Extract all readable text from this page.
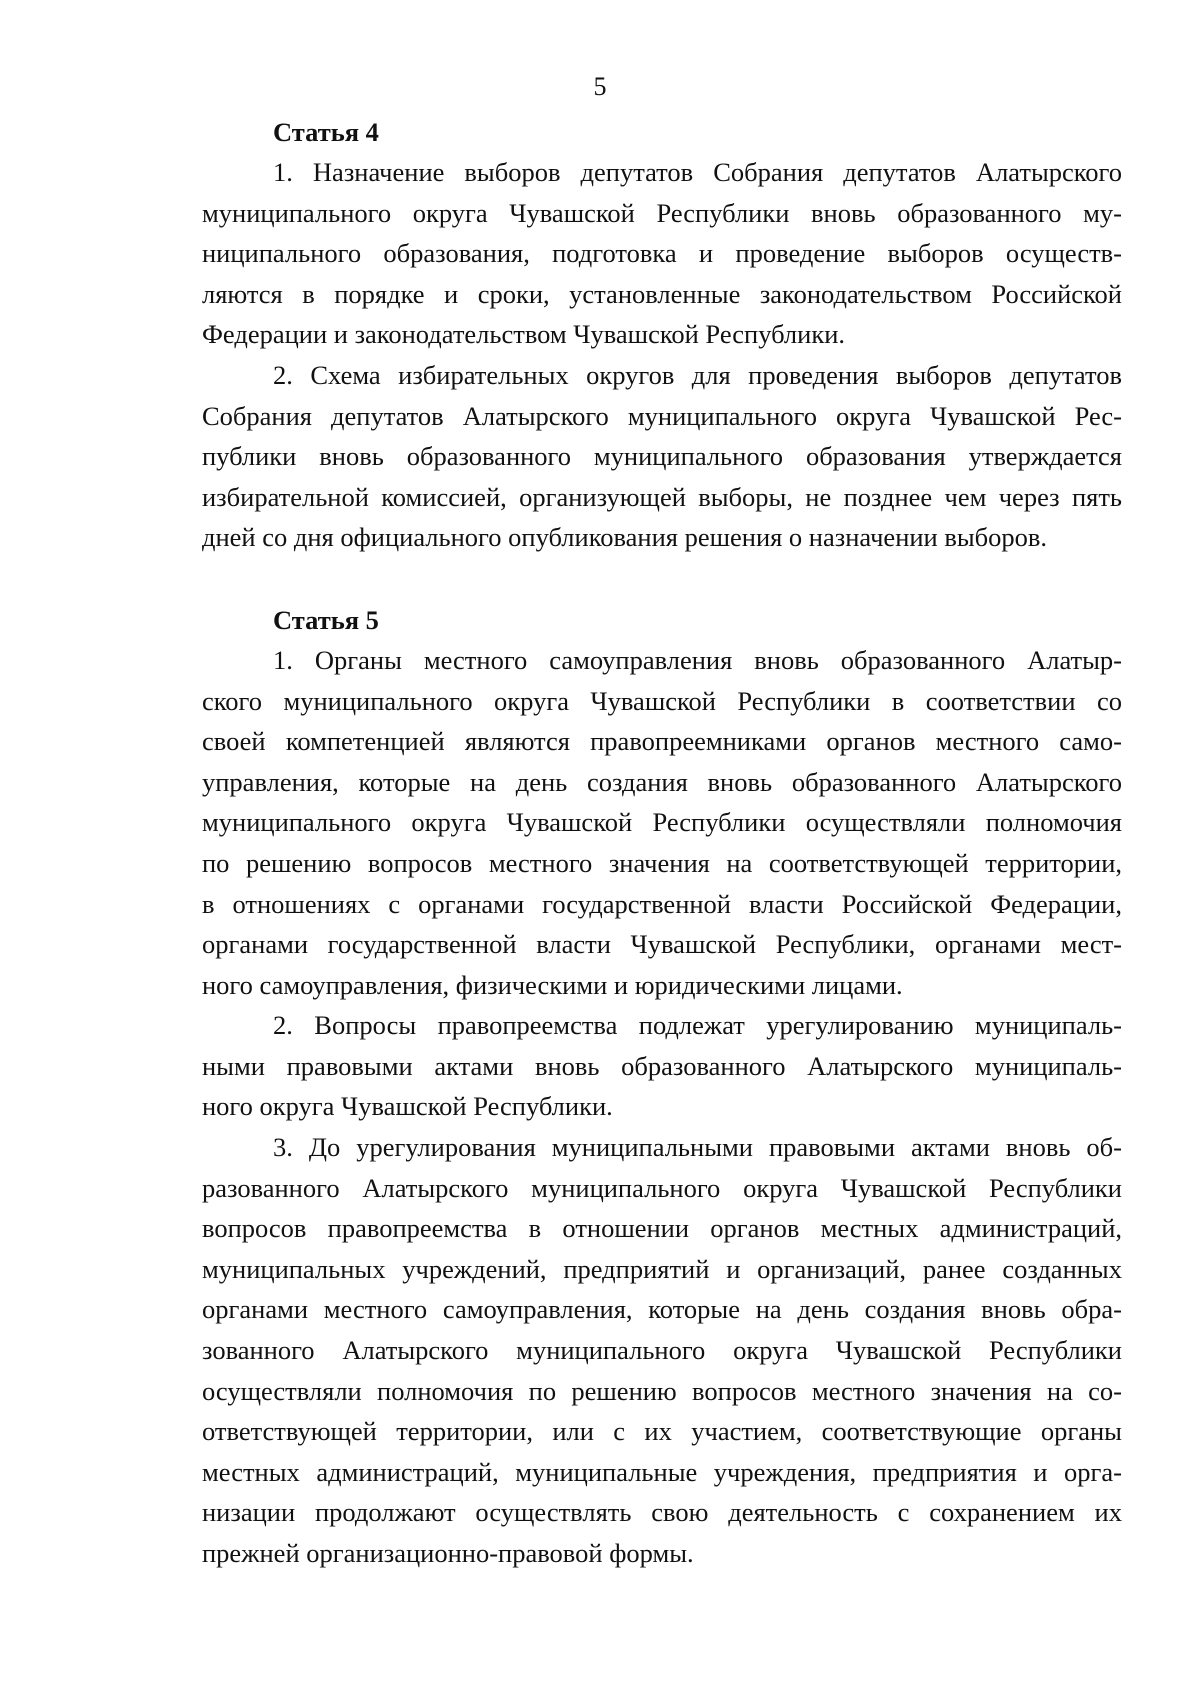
5
Статья 4
1. Назначение выборов депутатов Собрания депутатов Алатырского
муниципального округа Чувашской Республики вновь образованного му-
ниципального образования, подготовка и проведение выборов осуществ-
ляются в порядке и сроки, установленные законодательством Российской
Федерации и законодательством Чувашской Республики.
2. Схема избирательных округов для проведения выборов депутатов
Собрания депутатов Алатырского муниципального округа Чувашской Рес-
публики вновь образованного муниципального образования утверждается
избирательной комиссией, организующей выборы, не позднее чем через пять
дней со дня официального опубликования решения о назначении выборов.
Статья 5
1. Органы местного самоуправления вновь образованного Алатыр-
ского муниципального округа Чувашской Республики в соответствии со
своей компетенцией являются правопреемниками органов местного само-
управления, которые на день создания вновь образованного Алатырского
муниципального округа Чувашской Республики осуществляли полномочия
по решению вопросов местного значения на соответствующей территории,
в отношениях с органами государственной власти Российской Федерации,
органами государственной власти Чувашской Республики, органами мест-
ного самоуправления, физическими и юридическими лицами.
2. Вопросы правопреемства подлежат урегулированию муниципаль-
ными правовыми актами вновь образованного Алатырского муниципаль-
ного округа Чувашской Республики.
3. До урегулирования муниципальными правовыми актами вновь об-
разованного Алатырского муниципального округа Чувашской Республики
вопросов правопреемства в отношении органов местных администраций,
муниципальных учреждений, предприятий и организаций, ранее созданных
органами местного самоуправления, которые на день создания вновь обра-
зованного Алатырского муниципального округа Чувашской Республики
осуществляли полномочия по решению вопросов местного значения на со-
ответствующей территории, или с их участием, соответствующие органы
местных администраций, муниципальные учреждения, предприятия и орга-
низации продолжают осуществлять свою деятельность с сохранением их
прежней организационно-правовой формы.
